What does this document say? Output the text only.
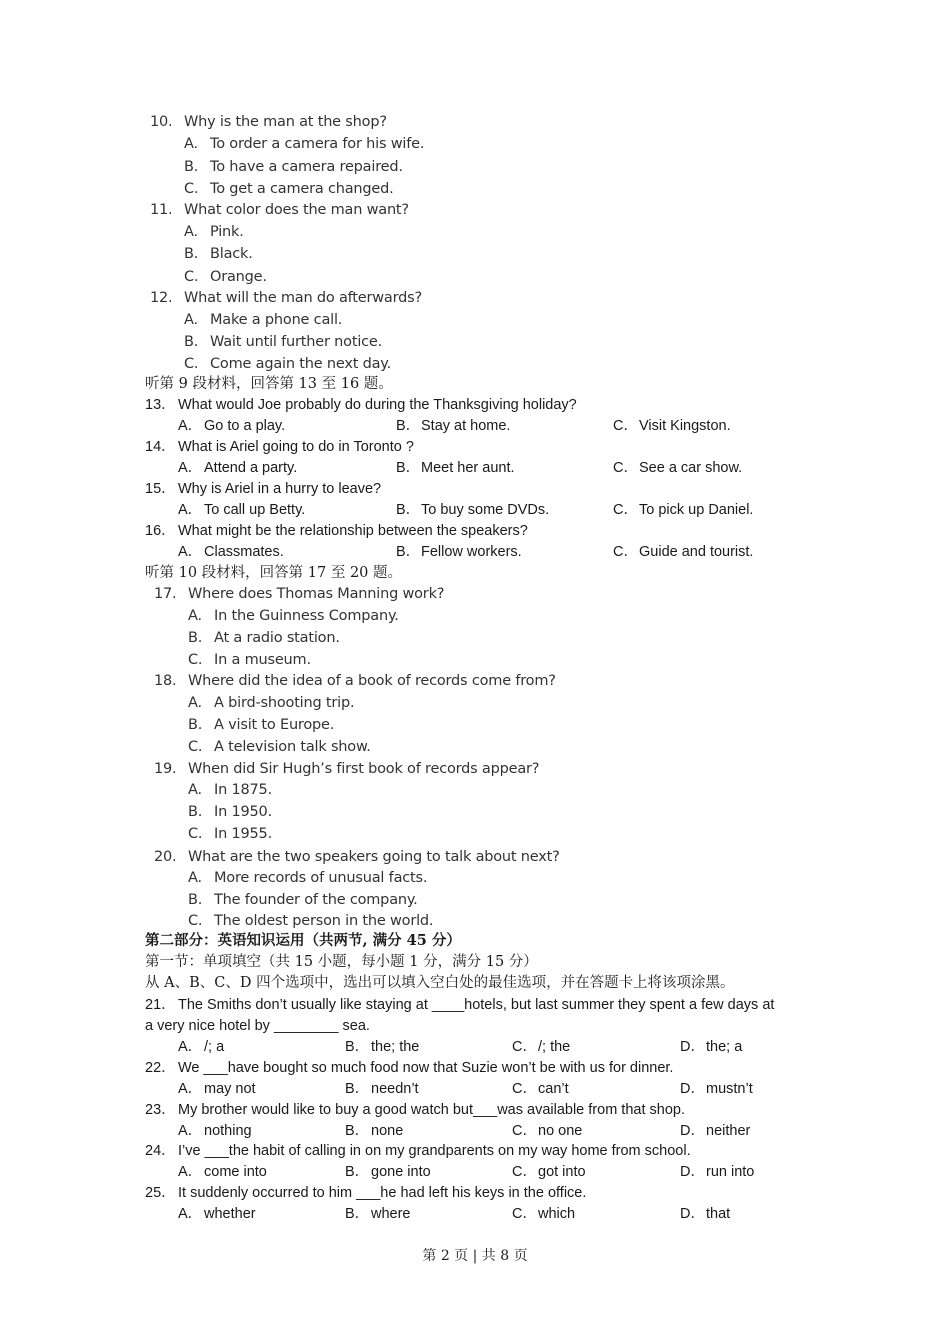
10. Why is the man at the shop?
A. To order a camera for his wife.
B. To have a camera repaired.
C. To get a camera changed.
11. What color does the man want?
A. Pink.
B. Black.
C. Orange.
12. What will the man do afterwards?
A. Make a phone call.
B. Wait until further notice.
C. Come again the next day.
听第 9 段材料，回答第 13 至 16 题。
13． What would Joe probably do during the Thanksgiving holiday?
A． Go to a play.	B． Stay at home.	C． Visit Kingston.
14． What is Ariel going to do in Toronto ?
A． Attend a party.	B． Meet her aunt.	C． See a car show.
15． Why is Ariel in a hurry to leave?
A． To call up Betty.	B． To buy some DVDs.	C． To pick up Daniel.
16． What might be the relationship between the speakers?
A． Classmates.	B． Fellow workers.	C． Guide and tourist.
听第 10 段材料，回答第 17 至 20 题。
17. Where does Thomas Manning work?
A. In the Guinness Company.
B. At a radio station.
C. In a museum.
18. Where did the idea of a book of records come from?
A. A bird-shooting trip.
B. A visit to Europe.
C. A television talk show.
19. When did Sir Hugh’s first book of records appear?
A. In 1875.
B. In 1950.
C. In 1955.
20. What are the two speakers going to talk about next?
A. More records of unusual facts.
B. The founder of the company.
C. The oldest person in the world.
第二部分：英语知识运用（共两节, 满分 45 分）
第一节：单项填空（共 15 小题，每小题 1 分，满分 15 分）
从 A、B、C、D 四个选项中，选出可以填入空白处的最佳选项，并在答题卡上将该项涂黑。
21． The Smiths don’t usually like staying at ____hotels, but last summer they spent a few days at
a very nice hotel by ________ sea.
A． /; a	B． the; the	C． /; the	D． the; a
22． We ___have bought so much food now that Suzie won’t be with us for dinner.
A． may not	B． needn’t	C． can’t	D． mustn’t
23． My brother would like to buy a good watch but___was available from that shop.
A． nothing	B． none	C． no one	D． neither
24． I’ve ___the habit of calling in on my grandparents on my way home from school.
A． come into	B． gone into	C． got into	D． run into
25． It suddenly occurred to him ___he had left his keys in the office.
A． whether	B． where	C． which	D． that
第 2 页 | 共 8 页
